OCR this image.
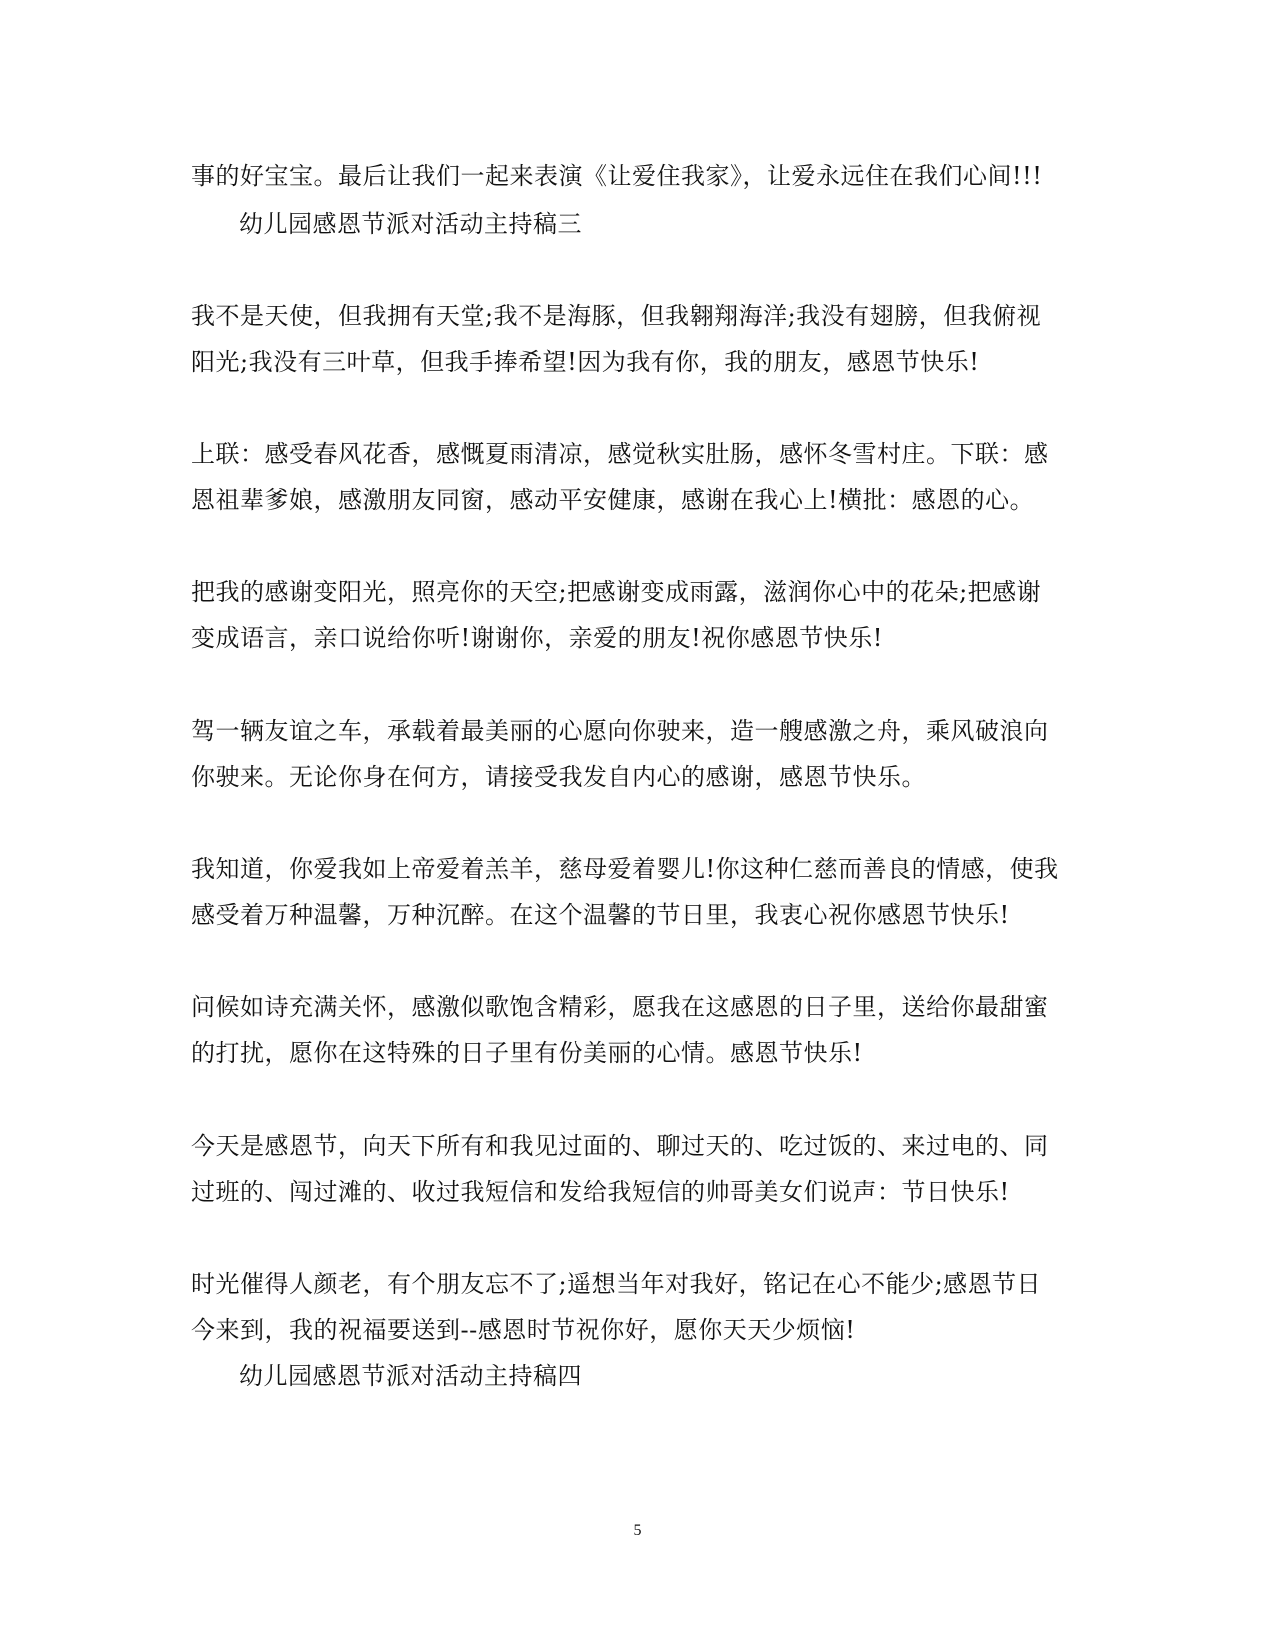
事的好宝宝。最后让我们一起来表演《让爱住我家》，让爱永远住在我们心间!!!
幼儿园感恩节派对活动主持稿三
我不是天使，但我拥有天堂;我不是海豚，但我翱翔海洋;我没有翅膀，但我俯视
阳光;我没有三叶草，但我手捧希望!因为我有你，我的朋友，感恩节快乐!
上联：感受春风花香，感慨夏雨清凉，感觉秋实肚肠，感怀冬雪村庄。下联：感
恩祖辈爹娘，感激朋友同窗，感动平安健康，感谢在我心上!横批：感恩的心。
把我的感谢变阳光，照亮你的天空;把感谢变成雨露，滋润你心中的花朵;把感谢
变成语言，亲口说给你听!谢谢你，亲爱的朋友!祝你感恩节快乐!
驾一辆友谊之车，承载着最美丽的心愿向你驶来，造一艘感激之舟，乘风破浪向
你驶来。无论你身在何方，请接受我发自内心的感谢，感恩节快乐。
我知道，你爱我如上帝爱着羔羊，慈母爱着婴儿!你这种仁慈而善良的情感，使我
感受着万种温馨，万种沉醉。在这个温馨的节日里，我衷心祝你感恩节快乐!
问候如诗充满关怀，感激似歌饱含精彩，愿我在这感恩的日子里，送给你最甜蜜
的打扰，愿你在这特殊的日子里有份美丽的心情。感恩节快乐!
今天是感恩节，向天下所有和我见过面的、聊过天的、吃过饭的、来过电的、同
过班的、闯过滩的、收过我短信和发给我短信的帅哥美女们说声：节日快乐!
时光催得人颜老，有个朋友忘不了;遥想当年对我好，铭记在心不能少;感恩节日
今来到，我的祝福要送到--感恩时节祝你好，愿你天天少烦恼!
幼儿园感恩节派对活动主持稿四
5
